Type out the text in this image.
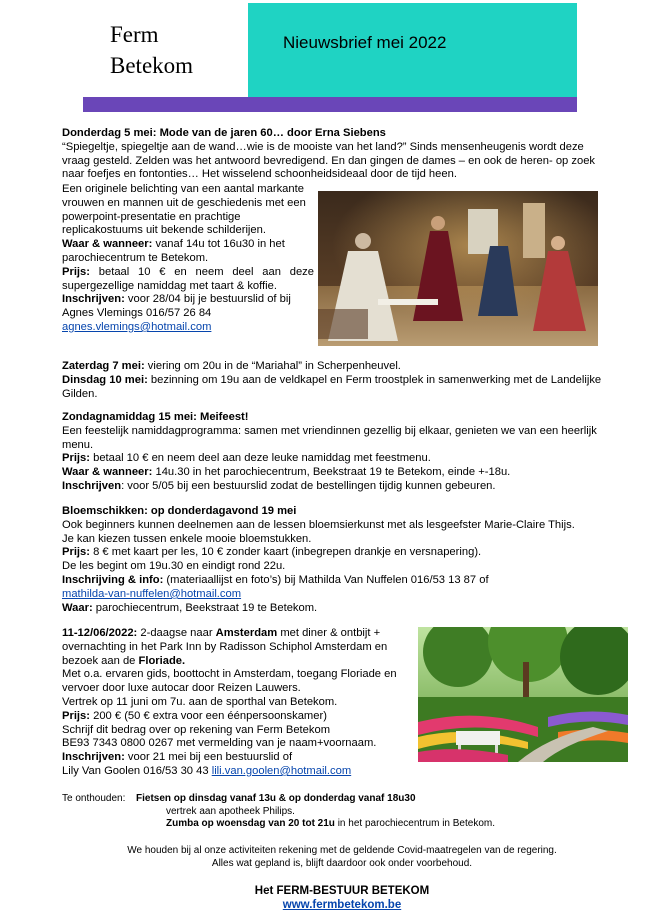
Ferm
Betekom
Nieuwsbrief mei 2022

Donderdag 5 mei: Mode van de jaren 60… door Erna Siebens

“Spiegeltje, spiegeltje aan de wand…wie is de mooiste van het land?” Sinds mensenheugenis wordt deze vraag gesteld. Zelden was het antwoord bevredigend. En dan gingen de dames – en ook de heren- op zoek naar foefjes en fontonties… Het wisselend schoonheidsideaal door de tijd heen.

Een originele belichting van een aantal markante vrouwen en mannen uit de geschiedenis met een powerpoint-presentatie en prachtige replicakostuums uit bekende schilderijen.

Waar & wanneer: vanaf 14u tot 16u30 in het parochiecentrum te Betekom.

Prijs: betaal 10 € en neem deel aan deze supergezellige namiddag met taart & koffie.

Inschrijven: voor 28/04 bij je bestuurslid of bij Agnes Vlemings 016/57 26 84

agnes.vlemings@hotmail.com

Zaterdag 7 mei: viering om 20u in de “Mariahal” in Scherpenheuvel.

Dinsdag 10 mei: bezinning om 19u aan de veldkapel en Ferm troostplek in samenwerking met de Landelijke Gilden.

Zondagnamiddag 15 mei: Meifeest!

Een feestelijk namiddagprogramma: samen met vriendinnen gezellig bij elkaar, genieten we van een heerlijk menu.

Prijs: betaal 10 € en neem deel aan deze leuke namiddag met feestmenu.

Waar & wanneer: 14u.30 in het parochiecentrum, Beekstraat 19 te Betekom, einde +-18u.

Inschrijven: voor 5/05 bij een bestuurslid zodat de bestellingen tijdig kunnen gebeuren.

Bloemschikken: op donderdagavond 19 mei

Ook beginners kunnen deelnemen aan de lessen bloemsierkunst met als lesgeefster Marie-Claire Thijs.

Je kan kiezen tussen enkele mooie bloemstukken.

Prijs: 8 € met kaart per les, 10 € zonder kaart (inbegrepen drankje en versnapering).

De les begint om 19u.30 en eindigt rond 22u.

Inschrijving & info: (materiaallijst en foto’s) bij Mathilda Van Nuffelen 016/53 13 87 of

mathilda-van-nuffelen@hotmail.com

Waar: parochiecentrum, Beekstraat 19 te Betekom.

11-12/06/2022: 2-daagse naar Amsterdam met diner & ontbijt + overnachting in het Park Inn by Radisson Schiphol Amsterdam en bezoek aan de Floriade.

Met o.a. ervaren gids, boottocht in Amsterdam, toegang Floriade en vervoer door luxe autocar door Reizen Lauwers.

Vertrek op 11 juni om 7u. aan de sporthal van Betekom.

Prijs: 200 € (50 € extra voor een éénpersoonskamer)

Schrijf dit bedrag over op rekening van Ferm Betekom

BE93 7343 0800 0267 met vermelding van je naam+voornaam.

Inschrijven: voor 21 mei bij een bestuurslid of

Lily Van Goolen 016/53 30 43 lili.van.goolen@hotmail.com

Te onthouden: Fietsen op dinsdag vanaf 13u & op donderdag vanaf 18u30

vertrek aan apotheek Philips.

Zumba op woensdag van 20 tot 21u in het parochiecentrum in Betekom.

We houden bij al onze activiteiten rekening met de geldende Covid-maatregelen van de regering.

Alles wat gepland is, blijft daardoor ook onder voorbehoud.

Het FERM-BESTUUR BETEKOM

www.fermbetekom.be
